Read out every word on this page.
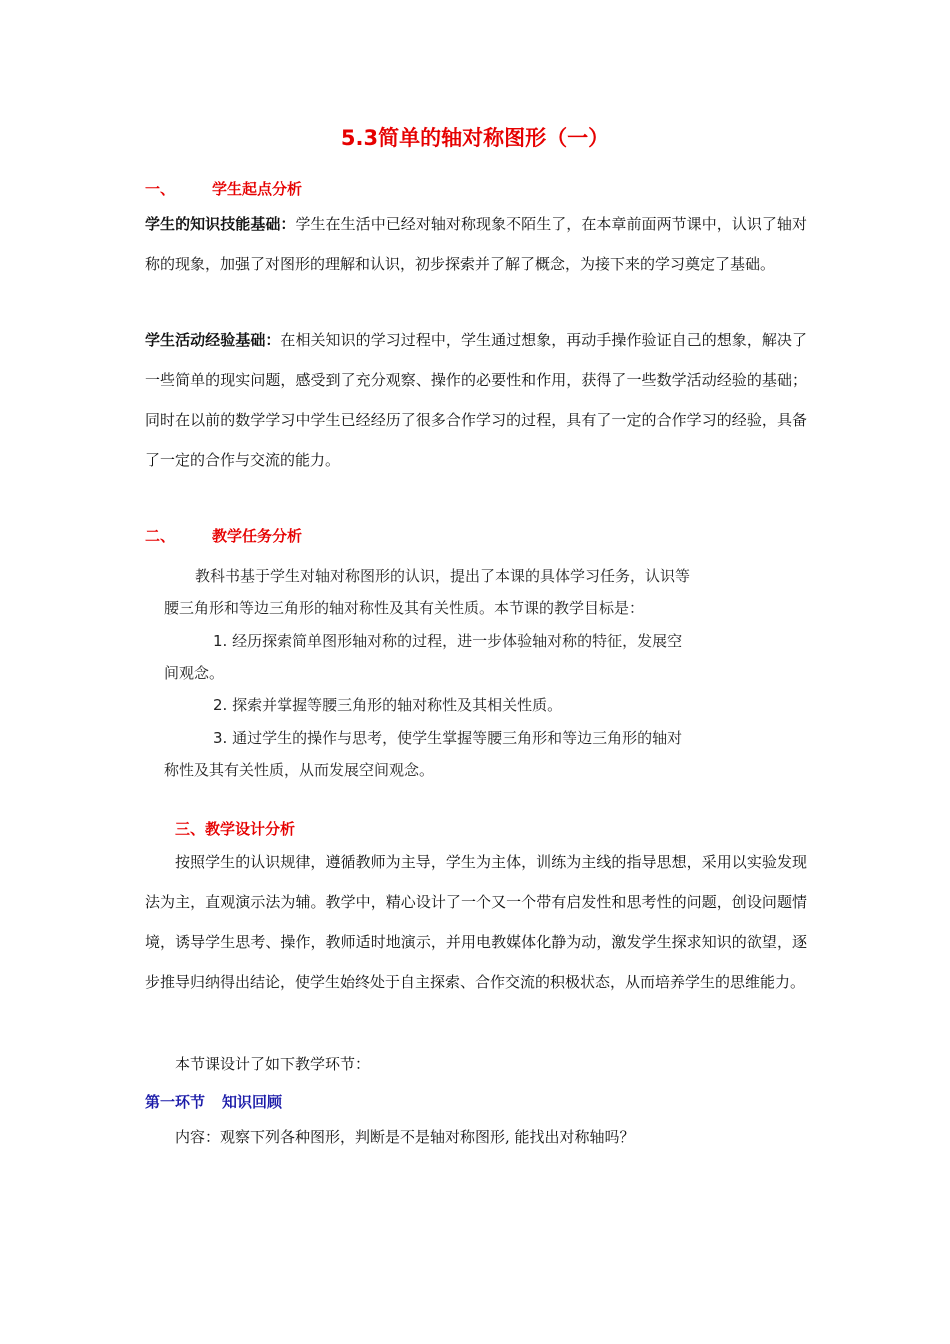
5.3简单的轴对称图形（一）
一、 学生起点分析
学生的知识技能基础：学生在生活中已经对轴对称现象不陌生了，在本章前面两节课中，认识了轴对称的现象，加强了对图形的理解和认识，初步探索并了解了概念，为接下来的学习奠定了基础。
学生活动经验基础：在相关知识的学习过程中，学生通过想象，再动手操作验证自己的想象，解决了一些简单的现实问题，感受到了充分观察、操作的必要性和作用，获得了一些数学活动经验的基础；同时在以前的数学学习中学生已经经历了很多合作学习的过程，具有了一定的合作学习的经验，具备了一定的合作与交流的能力。
二、 教学任务分析
教科书基于学生对轴对称图形的认识，提出了本课的具体学习任务，认识等
腰三角形和等边三角形的轴对称性及其有关性质。本节课的教学目标是：
1. 经历探索简单图形轴对称的过程，进一步体验轴对称的特征，发展空
间观念。
2. 探索并掌握等腰三角形的轴对称性及其相关性质。
3. 通过学生的操作与思考，使学生掌握等腰三角形和等边三角形的轴对
称性及其有关性质，从而发展空间观念。
三、教学设计分析
按照学生的认识规律，遵循教师为主导，学生为主体，训练为主线的指导思想，采用以实验发现法为主，直观演示法为辅。教学中，精心设计了一个又一个带有启发性和思考性的问题，创设问题情境，诱导学生思考、操作，教师适时地演示，并用电教媒体化静为动，激发学生探求知识的欲望，逐步推导归纳得出结论，使学生始终处于自主探索、合作交流的积极状态，从而培养学生的思维能力。
本节课设计了如下教学环节：
第一环节 知识回顾
内容：观察下列各种图形，判断是不是轴对称图形, 能找出对称轴吗？
